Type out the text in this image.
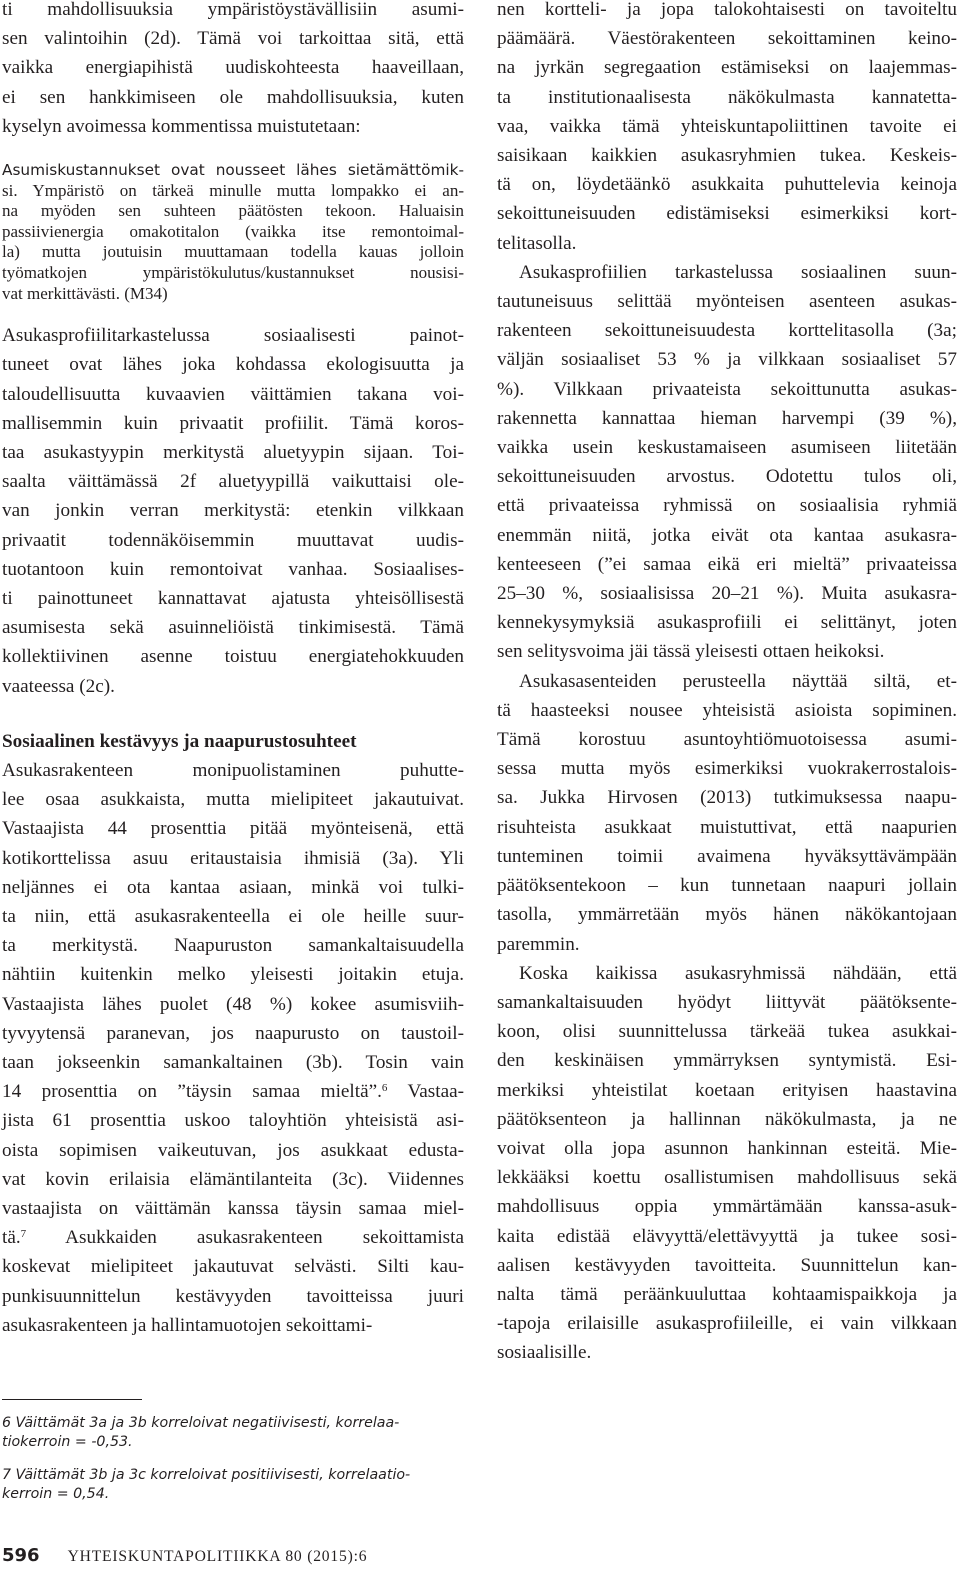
ti mahdollisuuksia ympäristöystävällisiin asumi-
sen valintoihin (2d). Tämä voi tarkoittaa sitä, että
vaikka energiapihistä uudiskohteesta haaveillaan,
ei sen hankkimiseen ole mahdollisuuksia, kuten
kyselyn avoimessa kommentissa muistutetaan:
Asumiskustannukset ovat nousseet lähes sietämättömik-
si. Ympäristö on tärkeä minulle mutta lompakko ei an-
na myöden sen suhteen päätösten tekoon. Haluaisin
passiivienergia omakotitalon (vaikka itse remontoimal-
la) mutta joutuisin muuttamaan todella kauas jolloin
työmatkojen ympäristökulutus/kustannukset nousisi-
vat merkittävästi. (M34)
Asukasprofiilitarkastelussa sosiaalisesti painot-
tuneet ovat lähes joka kohdassa ekologisuutta ja
taloudellisuutta kuvaavien väittämien takana voi-
mallisemmin kuin privaatit profiilit. Tämä koros-
taa asukastyypin merkitystä aluetyypin sijaan. Toi-
saalta väittämässä 2f aluetyypillä vaikuttaisi ole-
van jonkin verran merkitystä: etenkin vilkkaan
privaatit todennäköisemmin muuttavat uudis-
tuotantoon kuin remontoivat vanhaa. Sosiaalises-
ti painottuneet kannattavat ajatusta yhteisöllisestä
asumisesta sekä asuinneliöistä tinkimisestä. Tämä
kollektiivinen asenne toistuu energiatehokkuuden
vaateessa (2c).
Sosiaalinen kestävyys ja naapurustosuhteet
Asukasrakenteen monipuolistaminen puhutte-
lee osaa asukkaista, mutta mielipiteet jakautuivat.
Vastaajista 44 prosenttia pitää myönteisenä, että
kotikorttelissa asuu eritaustaisia ihmisiä (3a). Yli
neljännes ei ota kantaa asiaan, minkä voi tulki-
ta niin, että asukasrakenteella ei ole heille suur-
ta merkitystä. Naapuruston samankaltaisuudella
nähtiin kuitenkin melko yleisesti joitakin etuja.
Vastaajista lähes puolet (48 %) kokee asumisviih-
tyvyytensä paranevan, jos naapurusto on taustoil-
taan jokseenkin samankaltainen (3b). Tosin vain
14 prosenttia on ”täysin samaa mieltä”.$^6$ Vastaa-
jista 61 prosenttia uskoo taloyhtiön yhteisistä asi-
oista sopimisen vaikeutuvan, jos asukkaat edusta-
vat kovin erilaisia elämäntilanteita (3c). Viidennes
vastaajista on väittämän kanssa täysin samaa miel-
tä.$^7$ Asukkaiden asukasrakenteen sekoittamista
koskevat mielipiteet jakautuvat selvästi. Silti kau-
punkisuunnittelun kestävyyden tavoitteissa juuri
asukasrakenteen ja hallintamuotojen sekoittami-
nen kortteli- ja jopa talokohtaisesti on tavoiteltu
päämäärä. Väestörakenteen sekoittaminen keino-
na jyrkän segregaation estämiseksi on laajemmas-
ta institutionaalisesta näkökulmasta kannatetta-
vaa, vaikka tämä yhteiskuntapoliittinen tavoite ei
saisikaan kaikkien asukasryhmien tukea. Keskeis-
tä on, löydetäänkö asukkaita puhuttelevia keinoja
sekoittuneisuuden edistämiseksi esimerkiksi kort-
telitasolla.
Asukasprofiilien tarkastelussa sosiaalinen suun-
tautuneisuus selittää myönteisen asenteen asukas-
rakenteen sekoittuneisuudesta korttelitasolla (3a;
väljän sosiaaliset 53 % ja vilkkaan sosiaaliset 57
%). Vilkkaan privaateista sekoittunutta asukas-
rakennetta kannattaa hieman harvempi (39 %),
vaikka usein keskustamaiseen asumiseen liitetään
sekoittuneisuuden arvostus. Odotettu tulos oli,
että privaateissa ryhmissä on sosiaalisia ryhmiä
enemmän niitä, jotka eivät ota kantaa asukasra-
kenteeseen (”ei samaa eikä eri mieltä” privaateissa
25–30 %, sosiaalisissa 20–21 %). Muita asukasra-
kennekysymyksiä asukasprofiili ei selittänyt, joten
sen selitysvoima jäi tässä yleisesti ottaen heikoksi.
Asukasasenteiden perusteella näyttää siltä, et-
tä haasteeksi nousee yhteisistä asioista sopiminen.
Tämä korostuu asuntoyhtiömuotoisessa asumi-
sessa mutta myös esimerkiksi vuokrakerrostalois-
sa. Jukka Hirvosen (2013) tutkimuksessa naapu-
risuhteista asukkaat muistuttivat, että naapurien
tunteminen toimii avaimena hyväksyttävämpään
päätöksentekoon – kun tunnetaan naapuri jollain
tasolla, ymmärretään myös hänen näkökantojaan
paremmin.
Koska kaikissa asukasryhmissä nähdään, että
samankaltaisuuden hyödyt liittyvät päätöksente-
koon, olisi suunnittelussa tärkeää tukea asukkai-
den keskinäisen ymmärryksen syntymistä. Esi-
merkiksi yhteistilat koetaan erityisen haastavina
päätöksenteon ja hallinnan näkökulmasta, ja ne
voivat olla jopa asunnon hankinnan esteitä. Mie-
lekkääksi koettu osallistumisen mahdollisuus sekä
mahdollisuus oppia ymmärtämään kanssa-asuk-
kaita edistää elävyyttä/elettävyyttä ja tukee sosi-
aalisen kestävyyden tavoitteita. Suunnittelun kan-
nalta tämä peräänkuuluttaa kohtaamispaikkoja ja
-tapoja erilaisille asukasprofiileille, ei vain vilkkaan
sosiaalisille.
6 Väittämät 3a ja 3b korreloivat negatiivisesti, korrelaa-
tiokerroin = -0,53.
7 Väittämät 3b ja 3c korreloivat positiivisesti, korrelaatio-
kerroin = 0,54.
596 YHTEISKUNTAPOLITIIKKA 80 (2015):6
